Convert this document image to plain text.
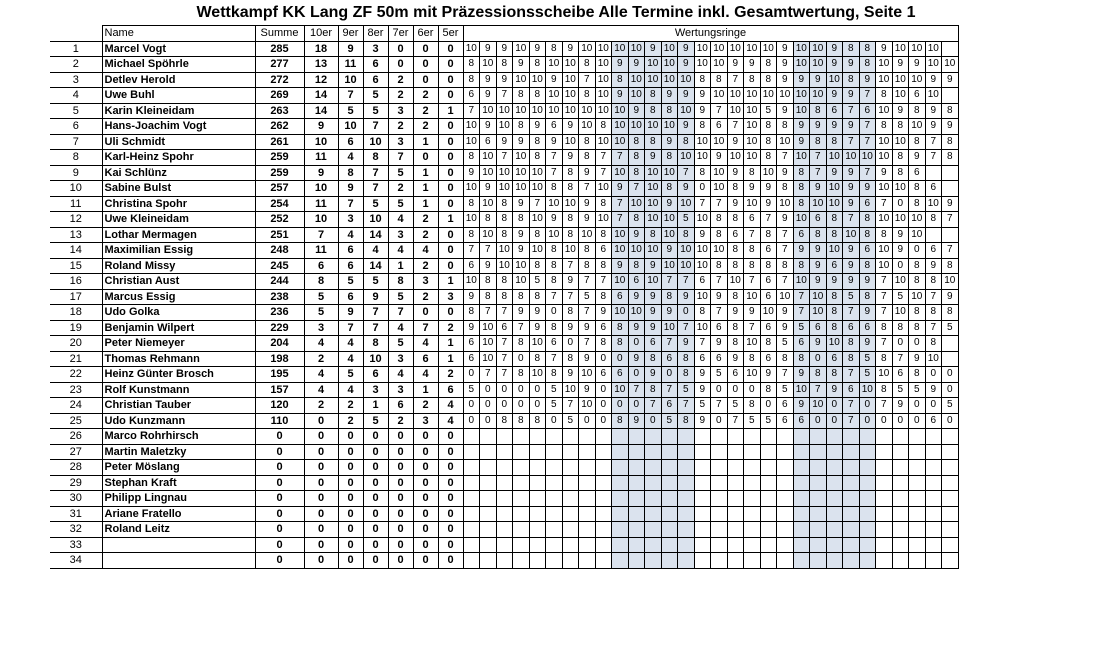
Wettkampf KK Lang ZF 50m mit Präzessionsscheibe Alle Termine inkl. Gesamtwertung, Seite 1
	Name	Summe	10er	9er	8er	7er	6er	5er	Wertungsringe																													
1	Marcel Vogt	285	18	9	3	0	0	0	10	9	9	10	9	8	9	10	10	10	10	9	10	9	10	10	10	10	10	9	10	10	9	8	8	9	10	10	10	
2	Michael Spöhrle	277	13	11	6	0	0	0	8	10	8	9	8	10	10	8	10	9	9	10	10	9	10	10	9	9	8	9	10	10	9	9	8	10	9	9	10	10
3	Detlev Herold	272	12	10	6	2	0	0	8	9	9	10	10	9	10	7	10	8	10	10	10	10	8	8	7	8	8	9	9	9	10	8	9	10	10	10	9	9
4	Uwe Buhl	269	14	7	5	2	2	0	6	9	7	8	8	10	10	8	10	9	10	8	9	9	9	10	10	10	10	10	10	10	9	9	7	8	10	6	10	
5	Karin Kleineidam	263	14	5	5	3	2	1	7	10	10	10	10	10	10	10	10	10	9	8	8	10	9	7	10	10	5	9	10	8	6	7	6	10	9	8	9	8
6	Hans-Joachim Vogt	262	9	10	7	2	2	0	10	9	10	8	9	6	9	10	8	10	10	10	10	9	8	6	7	10	8	8	9	9	9	9	7	8	8	10	9	9
7	Uli Schmidt	261	10	6	10	3	1	0	10	6	9	9	8	9	10	8	10	10	8	8	9	8	10	10	9	10	8	10	9	8	8	7	7	10	10	8	7	8
8	Karl-Heinz Spohr	259	11	4	8	7	0	0	8	10	7	10	8	7	9	8	7	7	8	9	8	10	10	9	10	10	8	7	10	7	10	10	10	10	8	9	7	8
9	Kai Schlünz	259	9	8	7	5	1	0	9	10	10	10	10	7	8	9	7	10	8	10	10	7	8	10	9	8	10	9	8	7	9	9	7	9	8	6		
10	Sabine Bulst	257	10	9	7	2	1	0	10	9	10	10	10	8	8	7	10	9	7	10	8	9	0	10	8	9	9	8	8	9	10	9	9	10	10	8	6	
11	Christina Spohr	254	11	7	5	5	1	0	8	10	8	9	7	10	10	9	8	7	10	10	9	10	7	7	9	10	9	10	8	10	10	9	6	7	0	8	10	9
12	Uwe Kleineidam	252	10	3	10	4	2	1	10	8	8	8	10	9	8	9	10	7	8	10	10	5	10	8	8	6	7	9	10	6	8	7	8	10	10	10	8	7
13	Lothar Mermagen	251	7	4	14	3	2	0	8	10	8	9	8	10	8	10	8	10	9	8	10	8	9	8	6	7	8	7	6	8	8	10	8	8	9	10		
14	Maximilian Essig	248	11	6	4	4	4	0	7	7	10	9	10	8	10	8	6	10	10	10	9	10	10	10	8	8	6	7	9	9	10	9	6	10	9	0	6	7
15	Roland Missy	245	6	6	14	1	2	0	6	9	10	10	8	8	7	8	8	9	8	9	10	10	10	8	8	8	8	8	8	9	6	9	8	10	0	8	9	8
16	Christian Aust	244	8	5	5	8	3	1	10	8	8	10	5	8	9	7	7	10	6	10	7	7	6	7	10	7	6	7	10	9	9	9	9	7	10	8	8	10
17	Marcus Essig	238	5	6	9	5	2	3	9	8	8	8	8	7	7	5	8	6	9	9	8	9	10	9	8	10	6	10	7	10	8	5	8	7	5	10	7	9
18	Udo Golka	236	5	9	7	7	0	0	8	7	7	9	9	0	8	7	9	10	10	9	9	0	8	7	9	9	10	9	7	10	8	7	9	7	10	8	8	8
19	Benjamin Wilpert	229	3	7	7	4	7	2	9	10	6	7	9	8	9	9	6	8	9	9	10	7	10	6	8	7	6	9	5	6	8	6	6	8	8	8	7	5
20	Peter Niemeyer	204	4	4	8	5	4	1	6	10	7	8	10	6	0	7	8	8	0	6	7	9	7	9	8	10	8	5	6	9	10	8	9	7	0	0	8	
21	Thomas Rehmann	198	2	4	10	3	6	1	6	10	7	0	8	7	8	9	0	0	9	8	6	8	6	6	9	8	6	8	8	0	6	8	5	8	7	9	10	
22	Heinz Günter Brosch	195	4	5	6	4	4	2	0	7	7	8	10	8	9	10	6	6	0	9	0	8	9	5	6	10	9	7	9	8	8	7	5	10	6	8	0	0
23	Rolf Kunstmann	157	4	4	3	3	1	6	5	0	0	0	0	5	10	9	0	10	7	8	7	5	9	0	0	0	8	5	10	7	9	6	10	8	5	5	9	0
24	Christian Tauber	120	2	2	1	6	2	4	0	0	0	0	0	5	7	10	0	0	0	7	6	7	5	7	5	8	0	6	9	10	0	7	0	7	9	0	0	5
25	Udo Kunzmann	110	0	2	5	2	3	4	0	0	8	8	8	0	5	0	0	8	9	0	5	8	9	0	7	5	5	6	6	0	0	7	0	0	0	0	6	0
26	Marco Rohrhirsch	0	0	0	0	0	0	0																														
27	Martin Maletzky	0	0	0	0	0	0	0																														
28	Peter Möslang	0	0	0	0	0	0	0																														
29	Stephan Kraft	0	0	0	0	0	0	0																														
30	Philipp Lingnau	0	0	0	0	0	0	0																														
31	Ariane Fratello	0	0	0	0	0	0	0																														
32	Roland Leitz	0	0	0	0	0	0	0																														
33		0	0	0	0	0	0	0																														
34		0	0	0	0	0	0	0																														
